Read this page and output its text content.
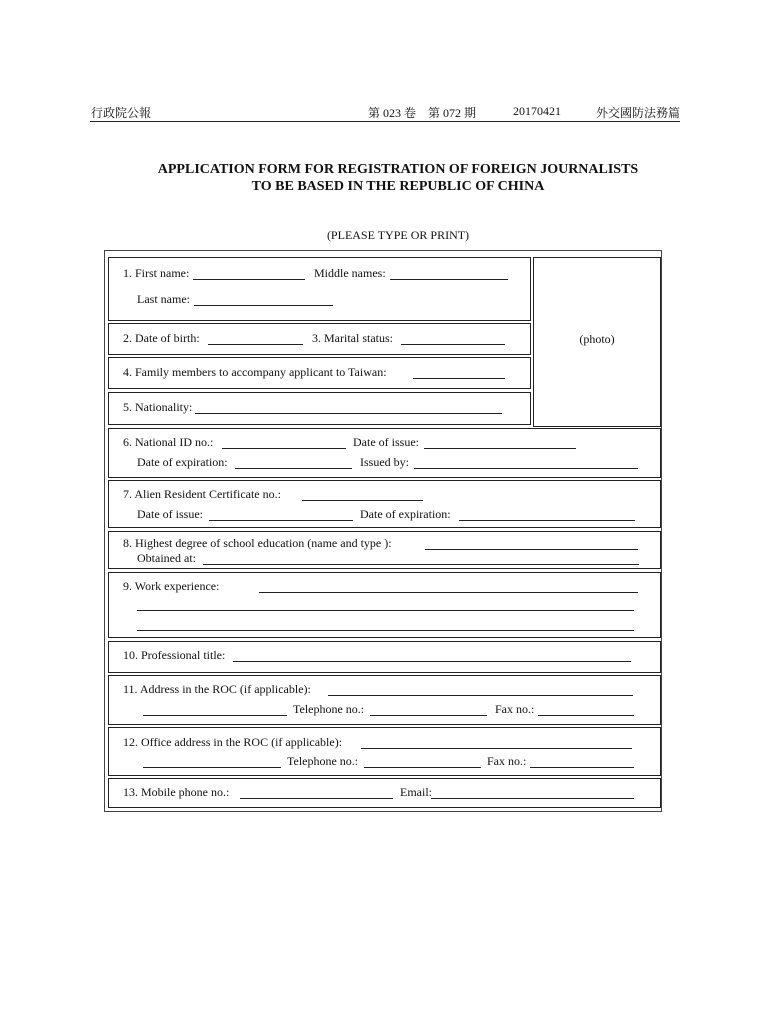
行政院公報	第 023 卷　第 072 期	20170421	外交國防法務篇
APPLICATION FORM FOR REGISTRATION OF FOREIGN JOURNALISTS
TO BE BASED IN THE REPUBLIC OF CHINA
(PLEASE TYPE OR PRINT)
1. First name:	Middle names:
Last name:
(photo)
2. Date of birth:	3. Marital status:
4. Family members to accompany applicant to Taiwan:
5. Nationality:
6. National ID no.:	Date of issue:
Date of expiration:	Issued by:
7. Alien Resident Certificate no.:
Date of issue:	Date of expiration:
8. Highest degree of school education (name and type ):
Obtained at:
9. Work experience:
10. Professional title:
11. Address in the ROC (if applicable):
Telephone no.:	Fax no.:
12. Office address in the ROC (if applicable):
Telephone no.:	Fax no.:
13. Mobile phone no.:	Email:
